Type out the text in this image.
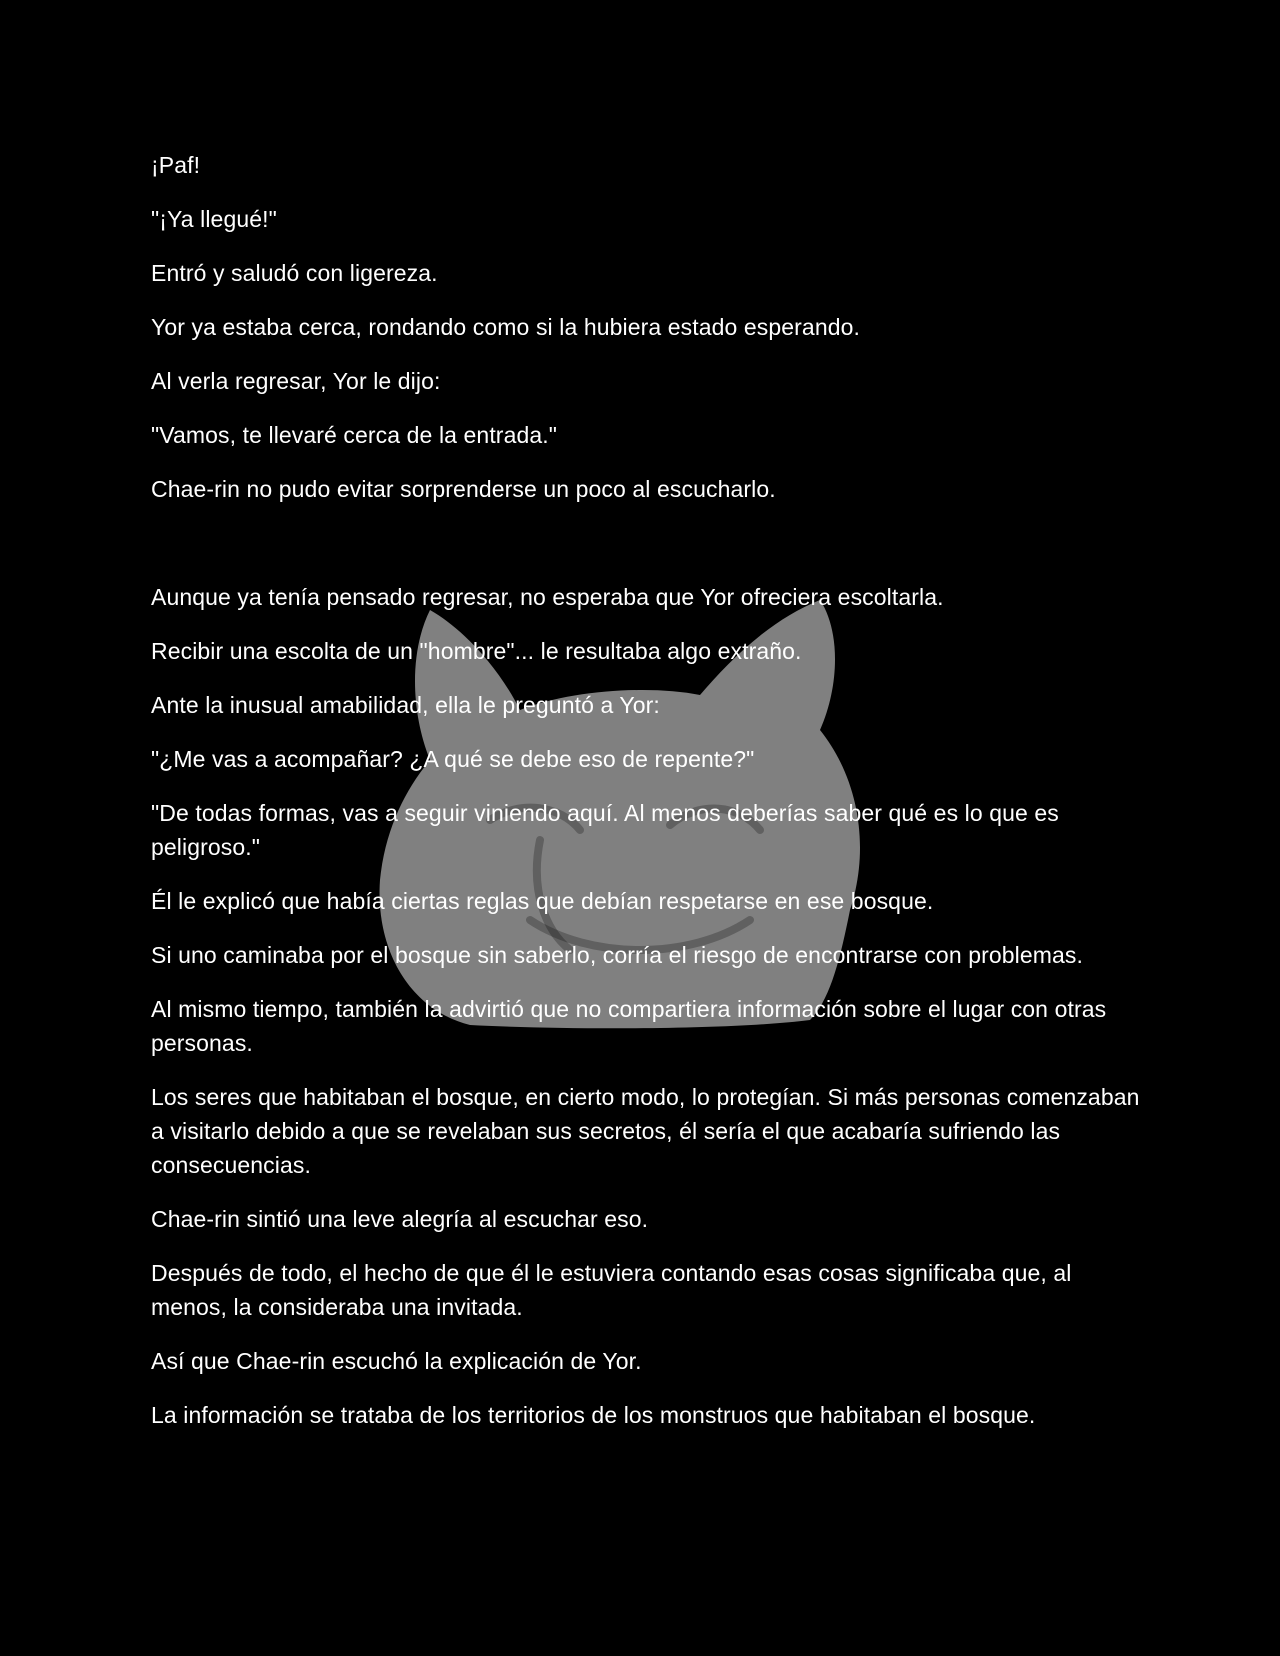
¡Paf!

"¡Ya llegué!"

Entró y saludó con ligereza.

Yor ya estaba cerca, rondando como si la hubiera estado esperando.

Al verla regresar, Yor le dijo:

"Vamos, te llevaré cerca de la entrada."

Chae-rin no pudo evitar sorprenderse un poco al escucharlo.

Aunque ya tenía pensado regresar, no esperaba que Yor ofreciera escoltarla.

Recibir una escolta de un "hombre"... le resultaba algo extraño.

Ante la inusual amabilidad, ella le preguntó a Yor:

"¿Me vas a acompañar? ¿A qué se debe eso de repente?"

"De todas formas, vas a seguir viniendo aquí. Al menos deberías saber qué es lo que es peligroso."

Él le explicó que había ciertas reglas que debían respetarse en ese bosque.

Si uno caminaba por el bosque sin saberlo, corría el riesgo de encontrarse con problemas.

Al mismo tiempo, también la advirtió que no compartiera información sobre el lugar con otras personas.

Los seres que habitaban el bosque, en cierto modo, lo protegían. Si más personas comenzaban a visitarlo debido a que se revelaban sus secretos, él sería el que acabaría sufriendo las consecuencias.

Chae-rin sintió una leve alegría al escuchar eso.

Después de todo, el hecho de que él le estuviera contando esas cosas significaba que, al menos, la consideraba una invitada.

Así que Chae-rin escuchó la explicación de Yor.

La información se trataba de los territorios de los monstruos que habitaban el bosque.
